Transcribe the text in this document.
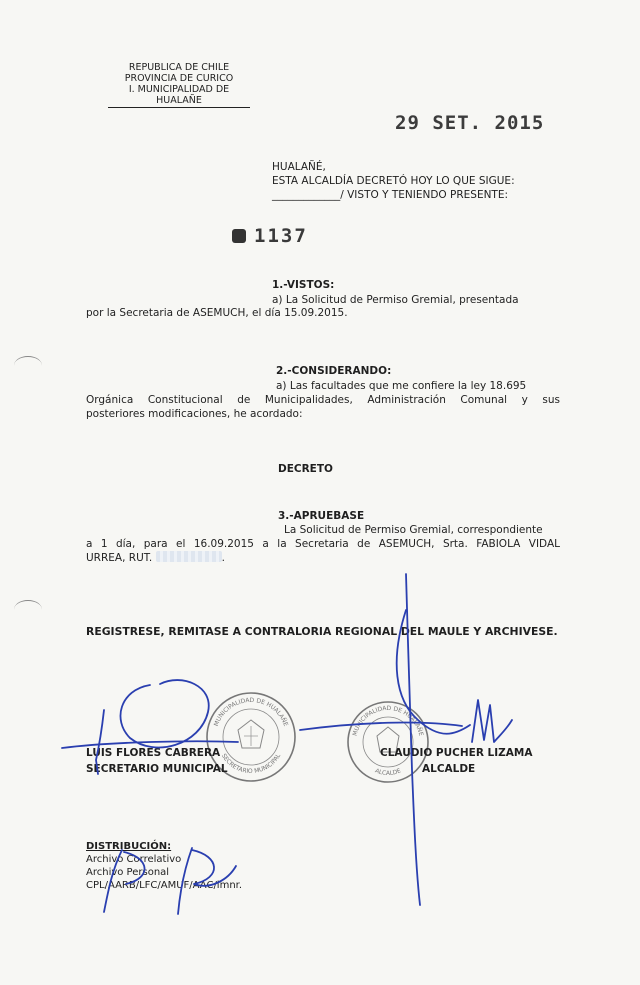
REPUBLICA DE CHILE
PROVINCIA DE CURICO
I. MUNICIPALIDAD DE HUALAÑE
29 SET. 2015
HUALAÑÉ,
ESTA ALCALDÍA DECRETÓ HOY LO QUE SIGUE:
_____________/ VISTO Y TENIENDO PRESENTE:
1137
1.-VISTOS:
a) La Solicitud de Permiso Gremial, presentada
por la Secretaria de ASEMUCH, el día 15.09.2015.
2.-CONSIDERANDO:
a) Las facultades que me confiere la ley 18.695
Orgánica Constitucional de Municipalidades, Administración Comunal y sus
posteriores modificaciones, he acordado:
DECRETO
3.-APRUEBASE
La Solicitud de Permiso Gremial, correspondiente
a 1 día, para el 16.09.2015 a la Secretaria de ASEMUCH, Srta. FABIOLA VIDAL
URREA, RUT.	.
REGISTRESE, REMITASE A CONTRALORIA REGIONAL DEL MAULE Y ARCHIVESE.
MUNICIPALIDAD DE HUALAÑE
SECRETARIO MUNICIPAL
MUNICIPALIDAD DE HUALAÑE
ALCALDE
LUIS FLORES CABRERA
SECRETARIO MUNICIPAL
CLAUDIO PUCHER LIZAMA
ALCALDE
DISTRIBUCIÓN:
Archivo Correlativo
Archivo Personal
CPL/AARB/LFC/AMUF/AAC/imnr.
